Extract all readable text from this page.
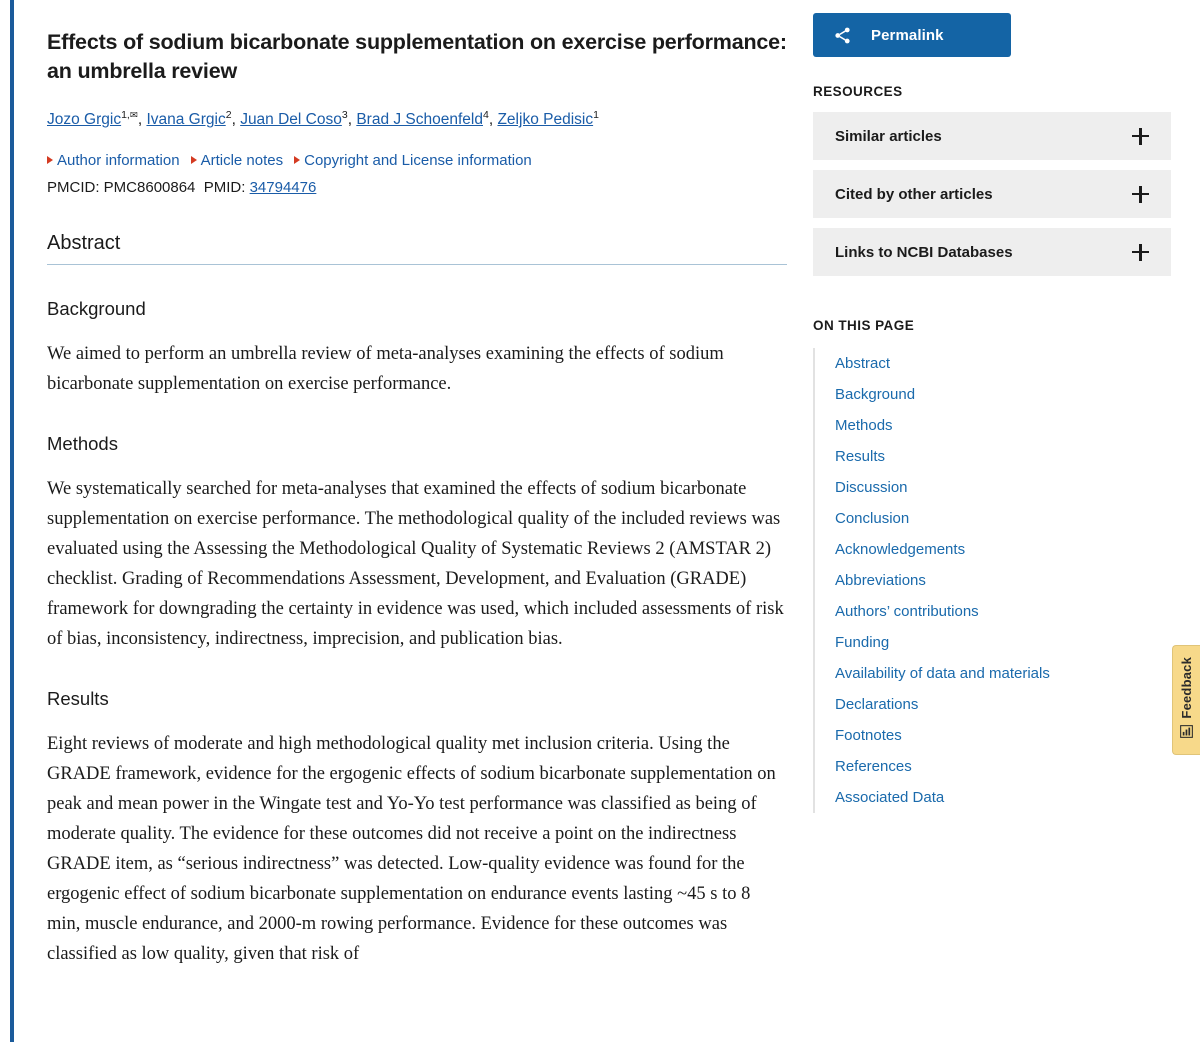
Effects of sodium bicarbonate supplementation on exercise performance: an umbrella review
Jozo Grgic$^{1,✉}$, Ivana Grgic$^2$, Juan Del Coso$^3$, Brad J Schoenfeld$^4$, Zeljko Pedisic$^1$
Author information Article notes Copyright and License information
PMCID: PMC8600864 PMID: 34794476
Abstract
Background

We aimed to perform an umbrella review of meta-analyses examining the effects of sodium bicarbonate supplementation on exercise performance.

Methods

We systematically searched for meta-analyses that examined the effects of sodium bicarbonate supplementation on exercise performance. The methodological quality of the included reviews was evaluated using the Assessing the Methodological Quality of Systematic Reviews 2 (AMSTAR 2) checklist. Grading of Recommendations Assessment, Development, and Evaluation (GRADE) framework for downgrading the certainty in evidence was used, which included assessments of risk of bias, inconsistency, indirectness, imprecision, and publication bias.

Results

Eight reviews of moderate and high methodological quality met inclusion criteria. Using the GRADE framework, evidence for the ergogenic effects of sodium bicarbonate supplementation on peak and mean power in the Wingate test and Yo-Yo test performance was classified as being of moderate quality. The evidence for these outcomes did not receive a point on the indirectness GRADE item, as “serious indirectness” was detected. Low-quality evidence was found for the ergogenic effect of sodium bicarbonate supplementation on endurance events lasting ~45 s to 8 min, muscle endurance, and 2000-m rowing performance. Evidence for these outcomes was classified as low quality, given that risk of

Permalink
RESOURCES
Similar articles
Cited by other articles
Links to NCBI Databases
ON THIS PAGE
Abstract
Background
Methods
Results
Discussion
Conclusion
Acknowledgements
Abbreviations
Authors’ contributions
Funding
Availability of data and materials
Declarations
Footnotes
References
Associated Data
Feedback
